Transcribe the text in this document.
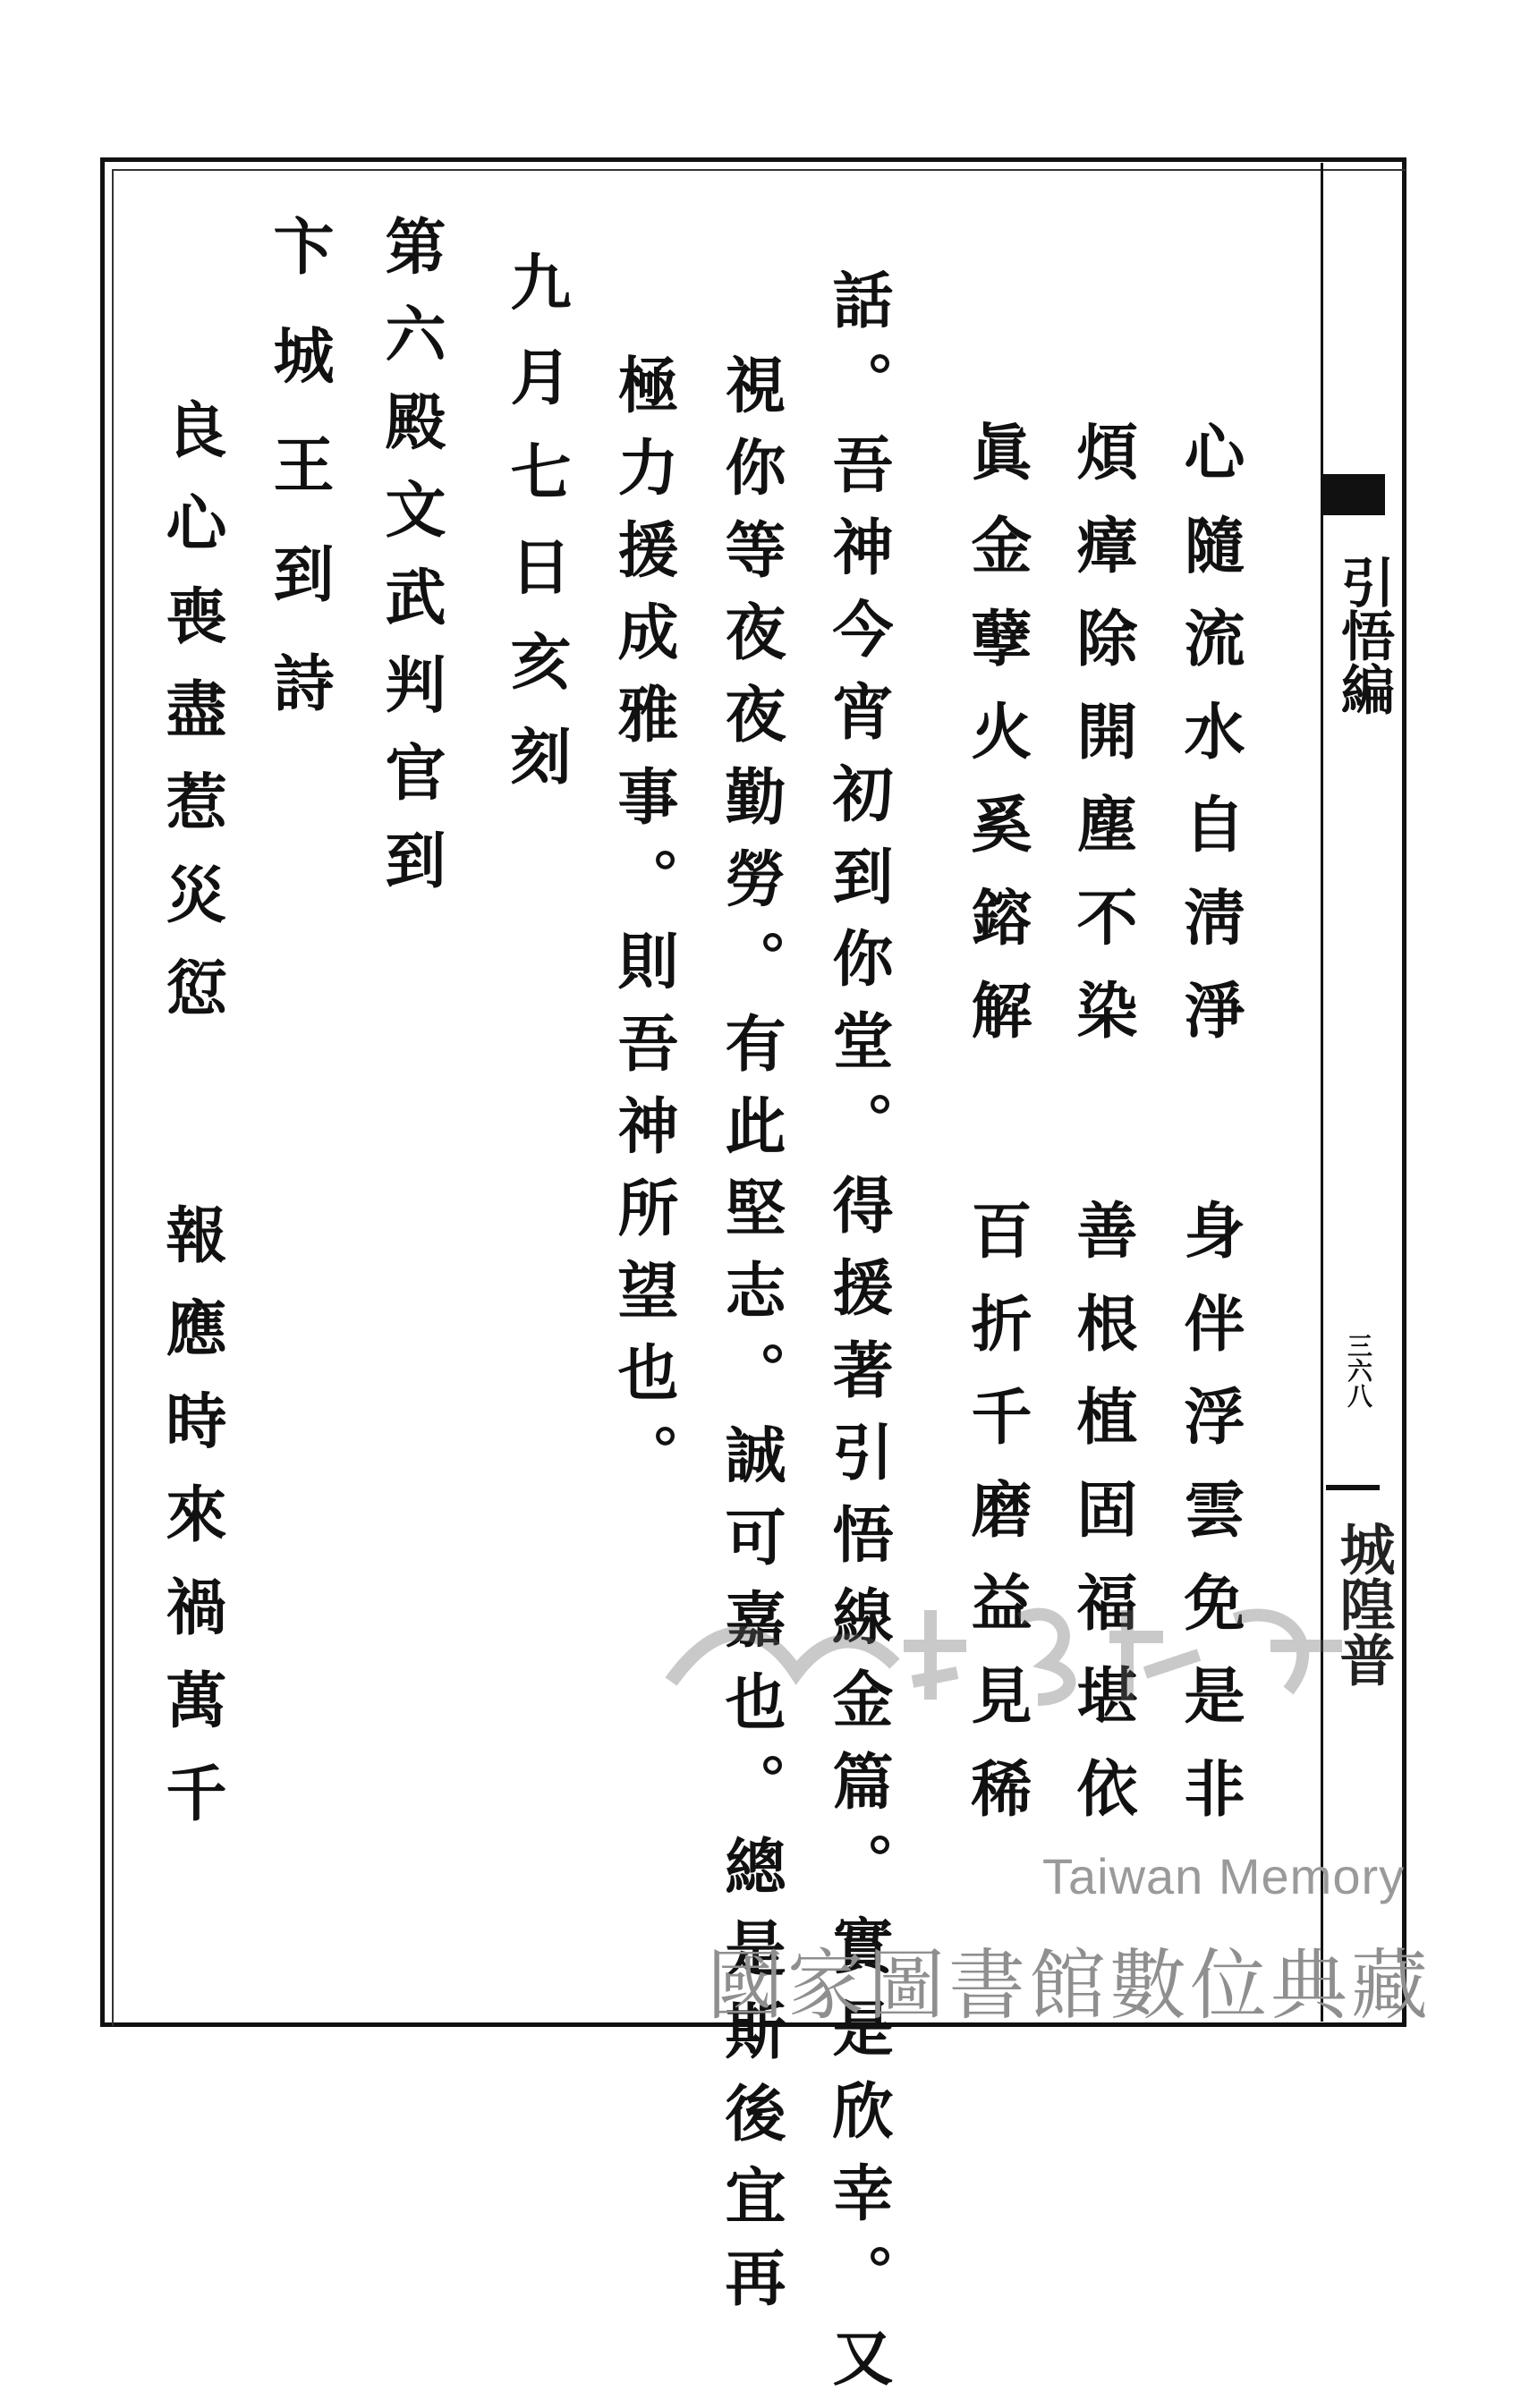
引悟編
三六八
城隍普
心隨流水自淸淨
身伴浮雲免是非
煩瘴除開塵不染
善根植固福堪依
眞金孽火奚鎔解
百折千磨益見稀
話。吾神今宵初到你堂。得援著引悟線金篇。實是欣幸。又
視你等夜夜勤勞。有此堅志。誠可嘉也。總是斯後宜再
極力援成雅事。則吾神所望也。
九月七日亥刻
第六殿文武判官到
卞城王到詩
良心喪盡惹災愆
報應時來禍萬千
Taiwan Memory
國家圖書館數位典藏
